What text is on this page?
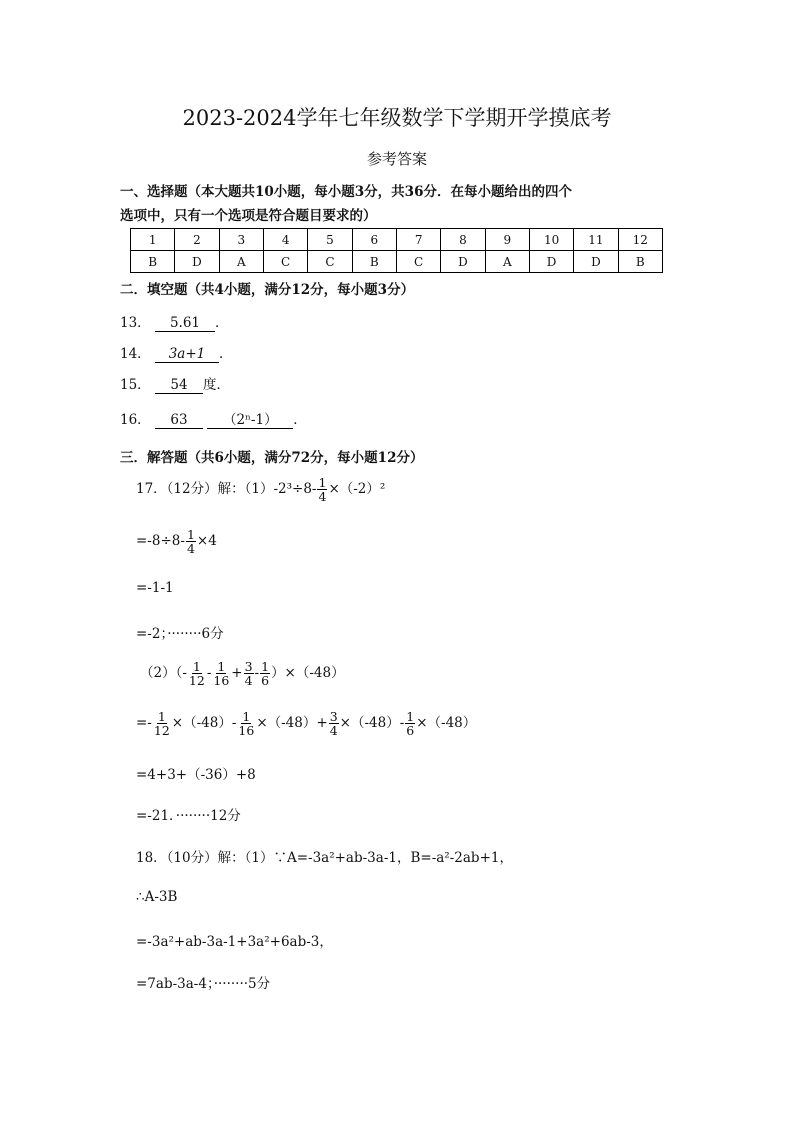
2023-2024学年七年级数学下学期开学摸底考
参考答案
一、选择题（本大题共10小题，每小题3分，共36分．在每小题给出的四个
选项中，只有一个选项是符合题目要求的）
1	2	3	4	5	6	7	8	9	10	11	12
B	D	A	C	C	B	C	D	A	D	D	B
二．填空题（共4小题，满分12分，每小题3分）
13． 5.61 ．
14． 3a+1 ．
15． 54 度．
16． 63	（2ⁿ-1） ．
三．解答题（共6小题，满分72分，每小题12分）
17．（12分）解：$(1)-2^3\div 8- \frac{1}{4} \times(-2)^2$
$=-8\div 8- \frac{1}{4} \times 4$
=-1-1
=-2；········6分
$(2)(- \frac{1}{12} - \frac{1}{16} + \frac{3}{4} - \frac{1}{6} )\times(-48)$
=- $\frac{1}{12} \times(-48)- \frac{1}{16} \times(-48)+ \frac{3}{4} \times(-48)- \frac{1}{6} \times(-48)$
=4+3+（-36）+8
=-21．········12分
18．（10分）解：（1）∵A=-3a²+ab-3a-1，B=-a²-2ab+1，
∴A-3B
=-3a²+ab-3a-1+3a²+6ab-3，
=7ab-3a-4；········5分
